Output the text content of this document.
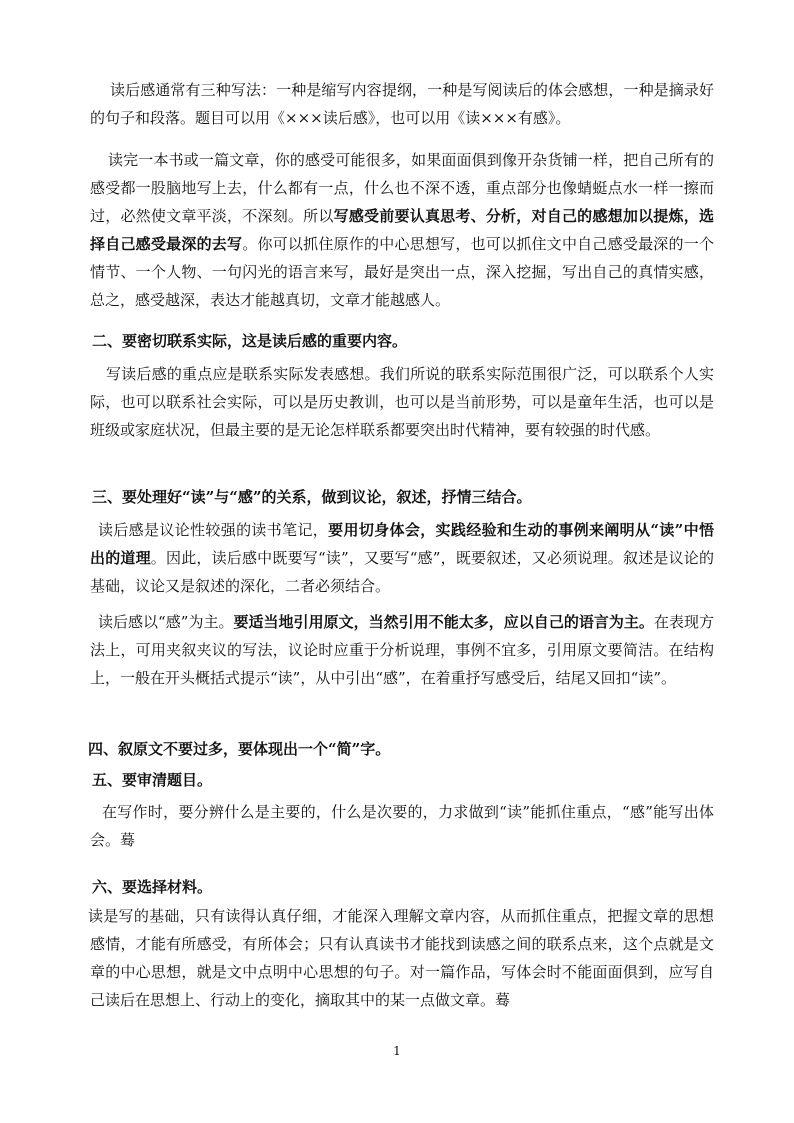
读后感通常有三种写法：一种是缩写内容提纲，一种是写阅读后的体会感想，一种是摘录好的句子和段落。题目可以用《×××读后感》，也可以用《读×××有感》。
读完一本书或一篇文章，你的感受可能很多，如果面面俱到像开杂货铺一样，把自己所有的感受都一股脑地写上去，什么都有一点，什么也不深不透，重点部分也像蜻蜓点水一样一擦而过，必然使文章平淡，不深刻。所以写感受前要认真思考、分析，对自己的感想加以提炼，选择自己感受最深的去写。你可以抓住原作的中心思想写，也可以抓住文中自己感受最深的一个情节、一个人物、一句闪光的语言来写，最好是突出一点，深入挖掘，写出自己的真情实感，总之，感受越深，表达才能越真切，文章才能越感人。
二、要密切联系实际，这是读后感的重要内容。
写读后感的重点应是联系实际发表感想。我们所说的联系实际范围很广泛，可以联系个人实际，也可以联系社会实际，可以是历史教训，也可以是当前形势，可以是童年生活，也可以是班级或家庭状况，但最主要的是无论怎样联系都要突出时代精神，要有较强的时代感。
三、要处理好“读”与“感”的关系，做到议论，叙述，抒情三结合。
读后感是议论性较强的读书笔记，要用切身体会，实践经验和生动的事例来阐明从“读”中悟出的道理。因此，读后感中既要写“读”，又要写“感”，既要叙述，又必须说理。叙述是议论的基础，议论又是叙述的深化，二者必须结合。
读后感以“感”为主。要适当地引用原文，当然引用不能太多，应以自己的语言为主。在表现方法上，可用夹叙夹议的写法，议论时应重于分析说理，事例不宜多，引用原文要简洁。在结构上，一般在开头概括式提示“读”，从中引出“感”，在着重抒写感受后，结尾又回扣“读”。
四、叙原文不要过多，要体现出一个“简”字。
五、要审清题目。
在写作时，要分辨什么是主要的，什么是次要的，力求做到“读”能抓住重点，“感”能写出体会。蓦
六、要选择材料。
读是写的基础，只有读得认真仔细，才能深入理解文章内容，从而抓住重点，把握文章的思想感情，才能有所感受，有所体会；只有认真读书才能找到读感之间的联系点来，这个点就是文章的中心思想，就是文中点明中心思想的句子。对一篇作品，写体会时不能面面俱到，应写自己读后在思想上、行动上的变化，摘取其中的某一点做文章。蓦
1
